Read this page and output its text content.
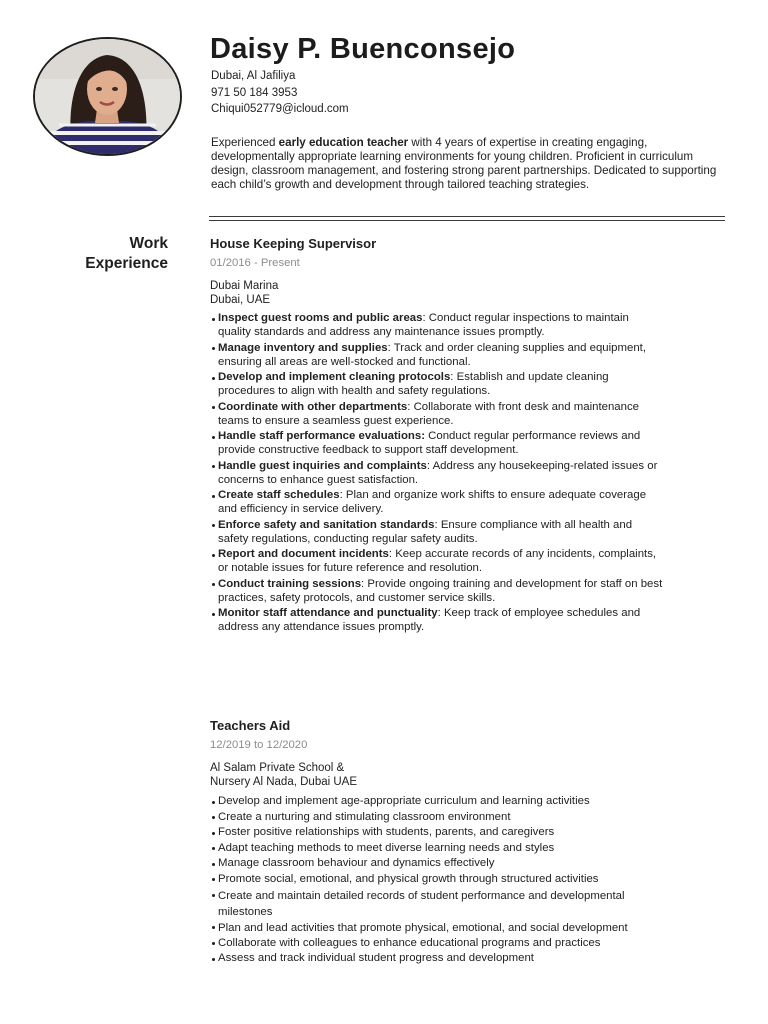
Daisy P. Buenconsejo
Dubai, Al Jafiliya
971 50 184 3953
Chiqui052779@icloud.com

Experienced early education teacher with 4 years of expertise in creating engaging, developmentally appropriate learning environments for young children. Proficient in curriculum design, classroom management, and fostering strong parent partnerships. Dedicated to supporting each child’s growth and development through tailored teaching strategies.

Work
Experience
House Keeping Supervisor
01/2016 - Present
Dubai Marina
Dubai, UAE
Inspect guest rooms and public areas: Conduct regular inspections to maintain quality standards and address any maintenance issues promptly.
Manage inventory and supplies: Track and order cleaning supplies and equipment, ensuring all areas are well-stocked and functional.
Develop and implement cleaning protocols: Establish and update cleaning procedures to align with health and safety regulations.
Coordinate with other departments: Collaborate with front desk and maintenance teams to ensure a seamless guest experience.
Handle staff performance evaluations: Conduct regular performance reviews and provide constructive feedback to support staff development.
Handle guest inquiries and complaints: Address any housekeeping-related issues or concerns to enhance guest satisfaction.
Create staff schedules: Plan and organize work shifts to ensure adequate coverage and efficiency in service delivery.
Enforce safety and sanitation standards: Ensure compliance with all health and safety regulations, conducting regular safety audits.
Report and document incidents: Keep accurate records of any incidents, complaints, or notable issues for future reference and resolution.
Conduct training sessions: Provide ongoing training and development for staff on best practices, safety protocols, and customer service skills.
Monitor staff attendance and punctuality: Keep track of employee schedules and address any attendance issues promptly.
Teachers Aid
12/2019 to 12/2020
Al Salam Private School &
Nursery Al Nada, Dubai UAE
Develop and implement age-appropriate curriculum and learning activities
Create a nurturing and stimulating classroom environment
Foster positive relationships with students, parents, and caregivers
Adapt teaching methods to meet diverse learning needs and styles
Manage classroom behaviour and dynamics effectively
Promote social, emotional, and physical growth through structured activities
Create and maintain detailed records of student performance and developmental milestones
Plan and lead activities that promote physical, emotional, and social development
Collaborate with colleagues to enhance educational programs and practices
Assess and track individual student progress and development
